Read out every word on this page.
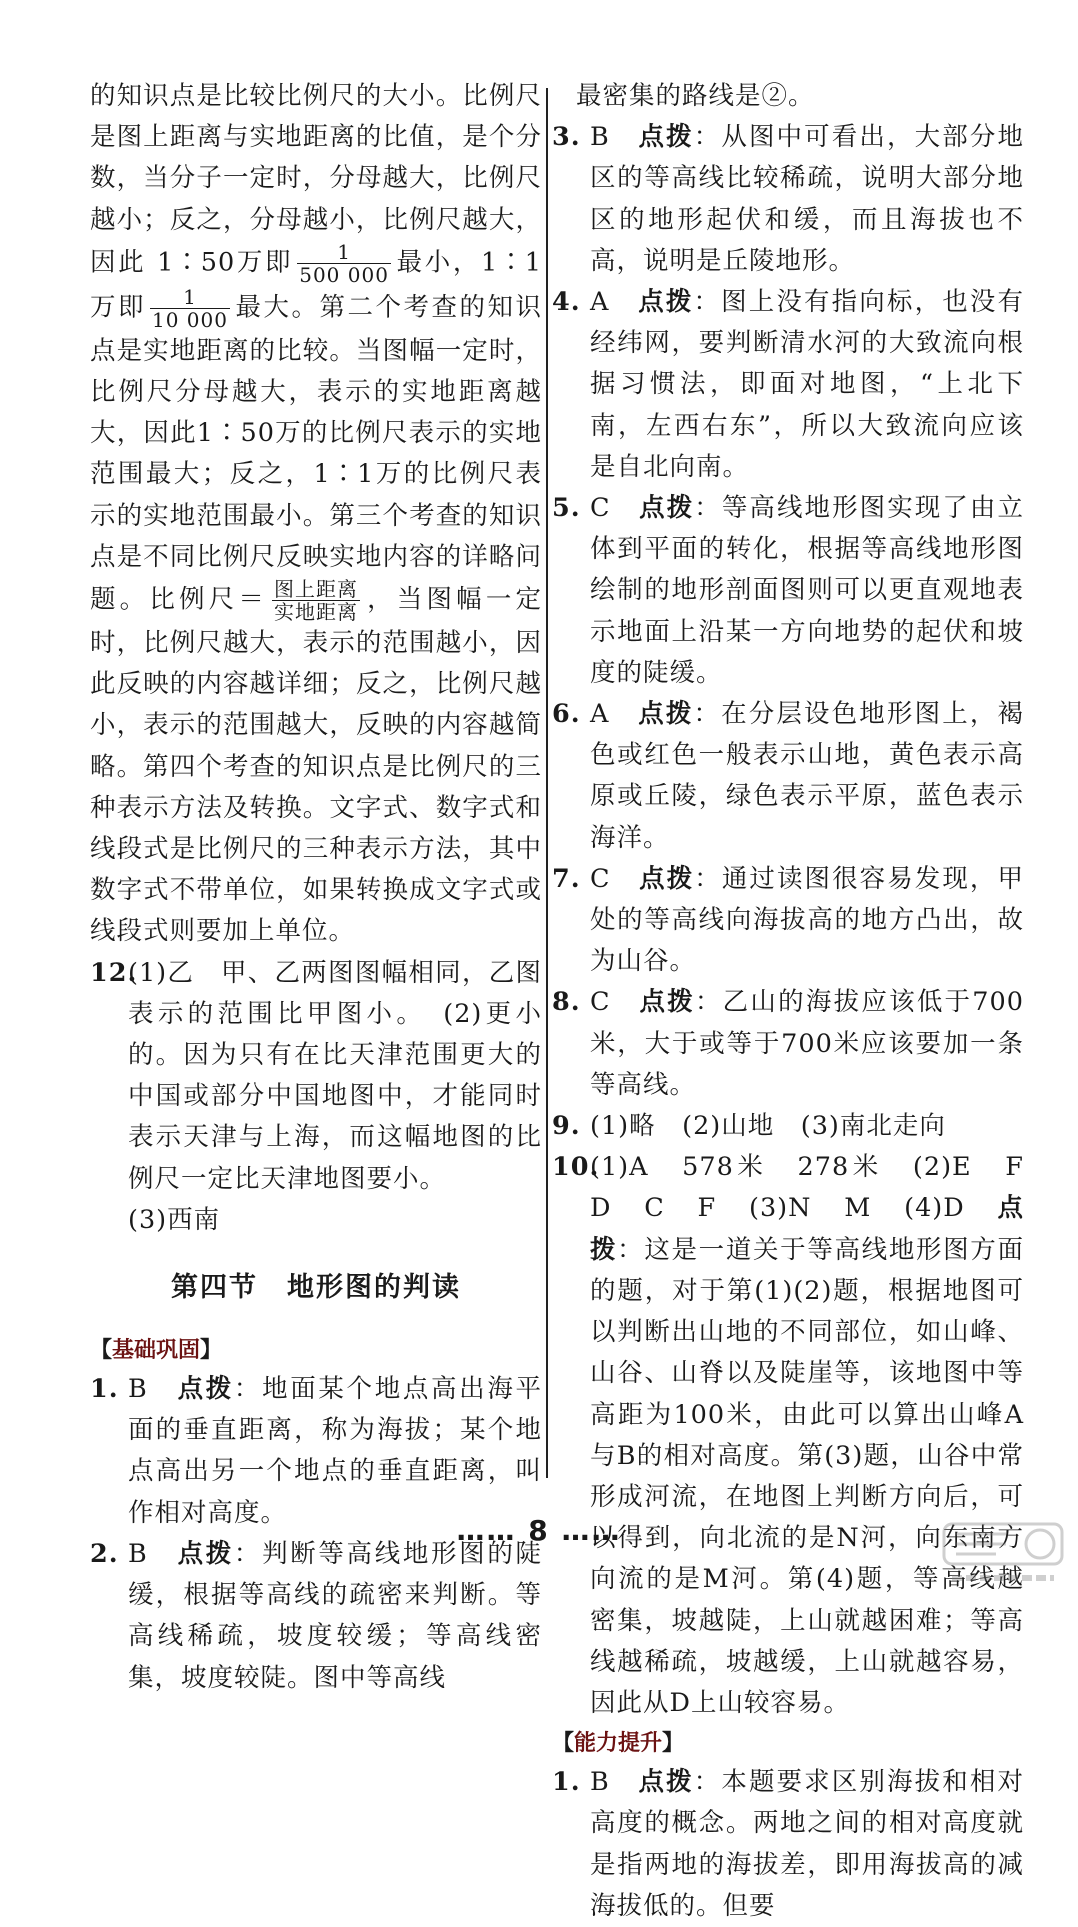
的知识点是比较比例尺的大小。比例尺是图上距离与实地距离的比值，是个分数，当分子一定时，分母越大，比例尺越小；反之，分母越小，比例尺越大，因此 1∶50万即 $\frac{1}{500 000}$ 最小，1∶1万即 $\frac{1}{10 000}$ 最大。第二个考查的知识点是实地距离的比较。当图幅一定时，比例尺分母越大，表示的实地距离越大，因此1∶50万的比例尺表示的实地范围最大；反之，1∶1万的比例尺表示的实地范围最小。第三个考查的知识点是不同比例尺反映实地内容的详略问题。比例尺＝ $\frac{\text{图上距离}}{\text{实地距离}}$ ，当图幅一定时，比例尺越大，表示的范围越小，因此反映的内容越详细；反之，比例尺越小，表示的范围越大，反映的内容越简略。第四个考查的知识点是比例尺的三种表示方法及转换。文字式、数字式和线段式是比例尺的三种表示方法，其中数字式不带单位，如果转换成文字式或线段式则要加上单位。

12.
(1)乙　甲、乙两图图幅相同，乙图表示的范围比甲图小。　(2)更小的。因为只有在比天津范围更大的中国或部分中国地图中，才能同时表示天津与上海，而这幅地图的比例尺一定比天津地图要小。

(3)西南

第四节　地形图的判读
【基础巩固】

1. B　 点拨：地面某个地点高出海平面的垂直距离，称为海拔；某个地点高出另一个地点的垂直距离，叫作相对高度。

2. B　 点拨：判断等高线地形图的陡缓，根据等高线的疏密来判断。等高线稀疏，坡度较缓；等高线密集，坡度较陡。图中等高线

最密集的路线是②。

3. B　 点拨：从图中可看出，大部分地区的等高线比较稀疏，说明大部分地区的地形起伏和缓，而且海拔也不高，说明是丘陵地形。

4. A　 点拨：图上没有指向标，也没有经纬网，要判断清水河的大致流向根据习惯法，即面对地图，“上北下南，左西右东”，所以大致流向应该是自北向南。

5. C　 点拨：等高线地形图实现了由立体到平面的转化，根据等高线地形图绘制的地形剖面图则可以更直观地表示地面上沿某一方向地势的起伏和坡度的陡缓。

6. A　 点拨：在分层设色地形图上，褐色或红色一般表示山地，黄色表示高原或丘陵，绿色表示平原，蓝色表示海洋。

7. C　 点拨：通过读图很容易发现，甲处的等高线向海拔高的地方凸出，故为山谷。

8. C　 点拨：乙山的海拔应该低于700米，大于或等于700米应该要加一条等高线。

9. (1)略　(2)山地　(3)南北走向

10.
(1)A　578米　278米　(2)E　F　D　C　F　(3)N　M　(4)D　点拨：这是一道关于等高线地形图方面的题，对于第(1)(2)题，根据地图可以判断出山地的不同部位，如山峰、山谷、山脊以及陡崖等，该地图中等高距为100米，由此可以算出山峰A与B的相对高度。第(3)题，山谷中常形成河流，在地图上判断方向后，可以得到，向北流的是N河，向东南方向流的是M河。第(4)题，等高线越密集，坡越陡，上山就越困难；等高线越稀疏，坡越缓，上山就越容易，因此从D上山较容易。

【能力提升】

1. B　 点拨：本题要求区别海拔和相对高度的概念。两地之间的相对高度就是指两地的海拔差，即用海拔高的减海拔低的。但要

…… 8 ……
